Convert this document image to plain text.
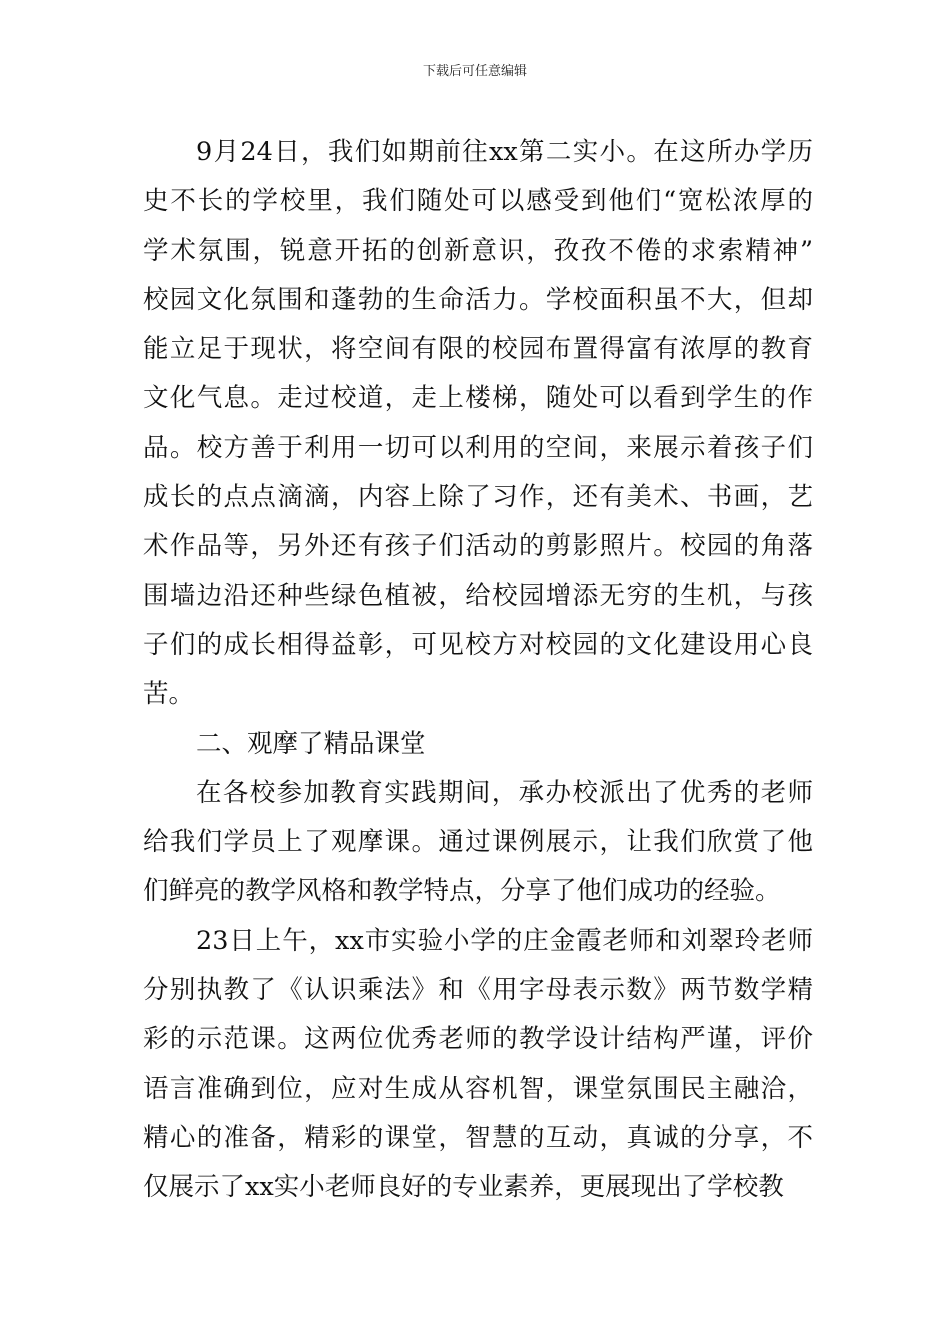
下载后可任意编辑
9月24日，我们如期前往xx第二实小。在这所办学历
史不长的学校里，我们随处可以感受到他们“宽松浓厚的
学术氛围，锐意开拓的创新意识，孜孜不倦的求索精神”
校园文化氛围和蓬勃的生命活力。学校面积虽不大，但却
能立足于现状，将空间有限的校园布置得富有浓厚的教育
文化气息。走过校道，走上楼梯，随处可以看到学生的作
品。校方善于利用一切可以利用的空间，来展示着孩子们
成长的点点滴滴，内容上除了习作，还有美术、书画，艺
术作品等，另外还有孩子们活动的剪影照片。校园的角落
围墙边沿还种些绿色植被，给校园增添无穷的生机，与孩
子们的成长相得益彰，可见校方对校园的文化建设用心良
苦。
二、观摩了精品课堂
在各校参加教育实践期间，承办校派出了优秀的老师
给我们学员上了观摩课。通过课例展示，让我们欣赏了他
们鲜亮的教学风格和教学特点，分享了他们成功的经验。
23日上午，xx市实验小学的庄金霞老师和刘翠玲老师
分别执教了《认识乘法》和《用字母表示数》两节数学精
彩的示范课。这两位优秀老师的教学设计结构严谨，评价
语言准确到位，应对生成从容机智，课堂氛围民主融洽，
精心的准备，精彩的课堂，智慧的互动，真诚的分享，不
仅展示了xx实小老师良好的专业素养，更展现出了学校教
